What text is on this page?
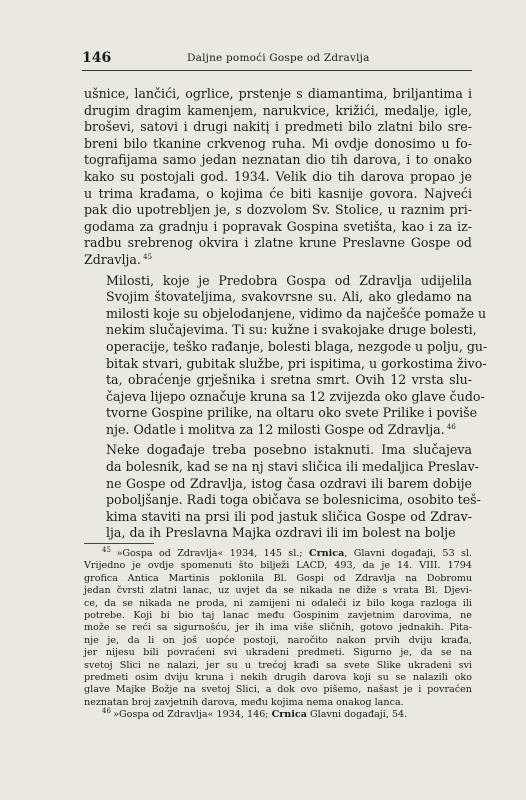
146	Daljne pomoći Gospe od Zdravlja

ušnice, lančići, ogrlice, prstenje s diamantima, briljantima i
drugim dragim kamenjem, narukvice, križići, medalje, igle,
broševi, satovi i drugi nakitį i predmeti bilo zlatni bilo sre-
breni bilo tkanine crkvenog ruha. Mi ovdje donosimo u fo-
tografijama samo jedan neznatan dio tih darova, i to onako
kako su postojali god. 1934. Velik dio tih darova propao je
u trima krađama, o kojima će biti kasnije govora. Najveći
pak dio upotrebljen je, s dozvolom Sv. Stolice, u raznim pri-
godama za gradnju i popravak Gospina svetišta, kao i za iz-
radbu srebrenog okvira i zlatne krune Preslavne Gospe od
Zdravlja. $^{45}$

Milosti, koje je Predobra Gospa od Zdravlja udijelila
Svojim štovateljima, svakovrsne su. Ali, ako gledamo na
milosti koje su objelodanjene, vidimo da najčešće pomaže u
nekim slučajevima. Ti su: kužne i svakojake druge bolesti,
operacije, teško rađanje, bolesti blaga, nezgode u polju, gu-
bitak stvari, gubitak službe, pri ispitima, u gorkostima živo-
ta, obraćenje grješnika i sretna smrt. Ovih 12 vrsta slu-
čajeva lijepo označuje kruna sa 12 zvijezda oko glave čudo-
tvorne Gospine prilike, na oltaru oko svete Prilike i poviše
nje. Odatle i molitva za 12 milosti Gospe od Zdravlja. $^{46}$

Neke događaje treba posebno istaknuti. Ima slučajeva
da bolesnik, kad se na nj stavi sličica ili medaljica Preslav-
ne Gospe od Zdravlja, istog časa ozdravi ili barem dobije
poboljšanje. Radi toga običava se bolesnicima, osobito teš-
kima staviti na prsi ili pod jastuk sličica Gospe od Zdrav-
lja, da ih Preslavna Majka ozdravi ili im bolest na bolje

$^{45}$ »Gospa od Zdravlja« 1934, 145 sl.; Crnica, Glavni događaji, 53 sl.
Vrijedno je ovdje spomenuti što bilježi LACD, 493, da je 14. VIII. 1794
grofica Antica Martinis poklonila Bl. Gospi od Zdravlja na Dobromu
jedan čvrsti zlatni lanac, uz uvjet da se nikada ne diže s vrata Bl. Djevi-
ce, da se nikada ne proda, ni zamijeni ni odaleči iz bilo koga razloga ili
potrebe. Koji bi bio taj lanac među Gospinim zavjetnim darovima, ne
može se reći sa sigurnošću, jer ih ima više sličnih, gotovo jednakih. Pita-
nje je, da li on još uopće postoji, naročito nakon prvih dviju krađa,
jer nijesu bili povraćeni svi ukradeni predmeti. Sigurno je, da se na
svetoj Slici ne nalazi, jer su u trećoj krađi sa svete Slike ukradeni svi
predmeti osim dviju kruna i nekih drugih darova koji su se nalazili oko
glave Majke Božje na svetoj Slici, a dok ovo pišemo, našast je i povraćen
neznatan broj zavjetnih darova, među kojima nema onakog lanca.
$^{46}$ »Gospa od Zdravlja« 1934, 146; Crnica Glavni događaji, 54.
